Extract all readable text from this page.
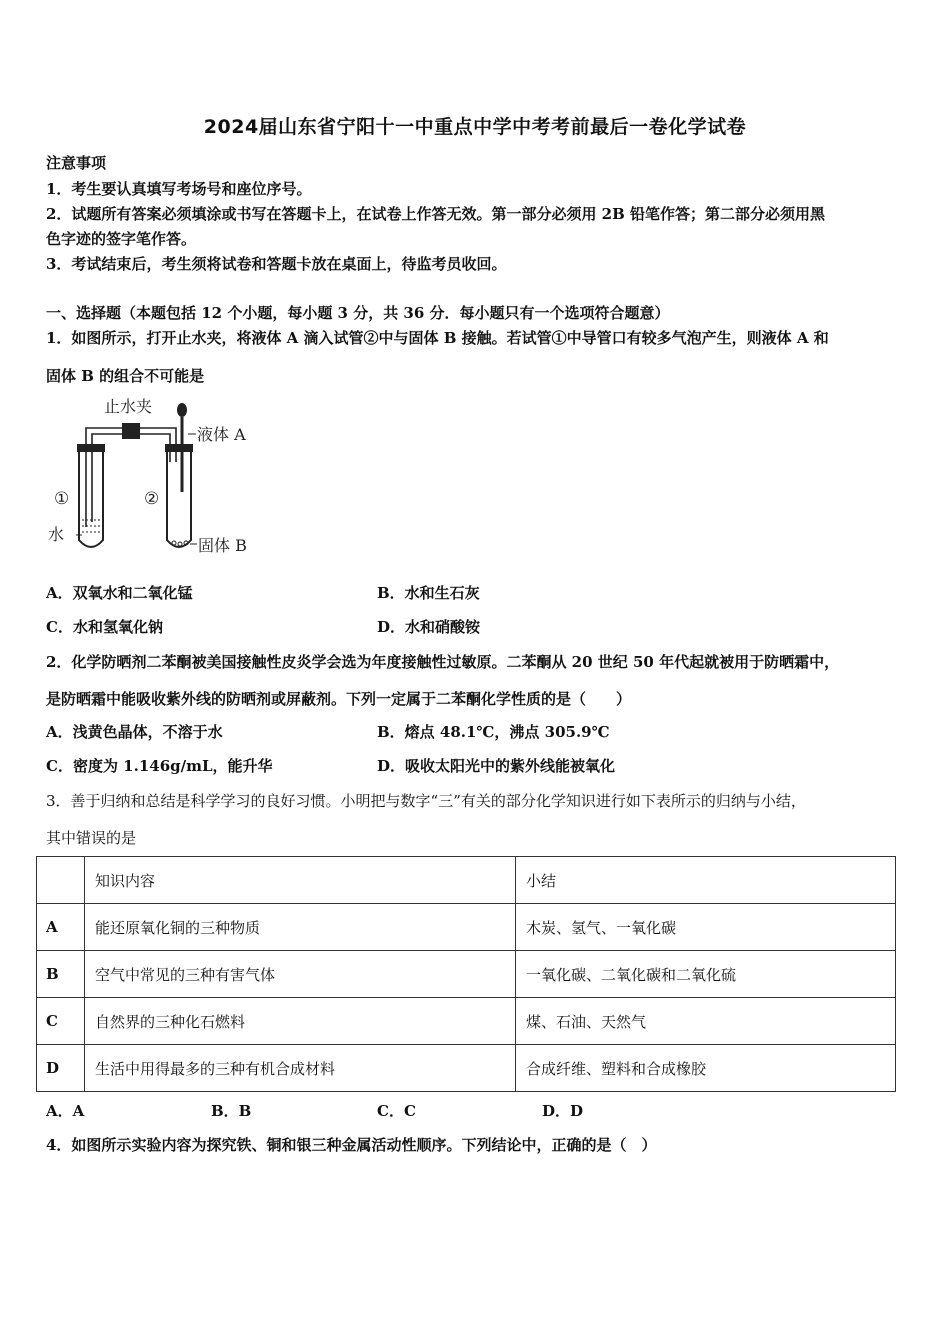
2024届山东省宁阳十一中重点中学中考考前最后一卷化学试卷
注意事项
1．考生要认真填写考场号和座位序号。
2．试题所有答案必须填涂或书写在答题卡上，在试卷上作答无效。第一部分必须用 2B 铅笔作答；第二部分必须用黑
色字迹的签字笔作答。
3．考试结束后，考生须将试卷和答题卡放在桌面上，待监考员收回。
一、选择题（本题包括 12 个小题，每小题 3 分，共 36 分．每小题只有一个选项符合题意）
1．如图所示，打开止水夹，将液体 A 滴入试管②中与固体 B 接触。若试管①中导管口有较多气泡产生，则液体 A 和
固体 B 的组合不可能是
止水夹
液体 A
①	②
水
固体 B
A．双氧水和二氧化锰	B．水和生石灰
C．水和氢氧化钠	D．水和硝酸铵
2．化学防晒剂二苯酮被美国接触性皮炎学会选为年度接触性过敏原。二苯酮从 20 世纪 50 年代起就被用于防晒霜中，
是防晒霜中能吸收紫外线的防晒剂或屏蔽剂。下列一定属于二苯酮化学性质的是（　　）
A．浅黄色晶体，不溶于水	B．熔点 48.1℃，沸点 305.9℃
C．密度为 1.146g/mL，能升华	D．吸收太阳光中的紫外线能被氧化
3．善于归纳和总结是科学学习的良好习惯。小明把与数字“三”有关的部分化学知识进行如下表所示的归纳与小结，
其中错误的是
	知识内容	小结
A	能还原氧化铜的三种物质	木炭、氢气、一氧化碳
B	空气中常见的三种有害气体	一氧化碳、二氧化碳和二氧化硫
C	自然界的三种化石燃料	煤、石油、天然气
D	生活中用得最多的三种有机合成材料	合成纤维、塑料和合成橡胶
A．A	B．B	C．C	D．D
4．如图所示实验内容为探究铁、铜和银三种金属活动性顺序。下列结论中，正确的是（　）
